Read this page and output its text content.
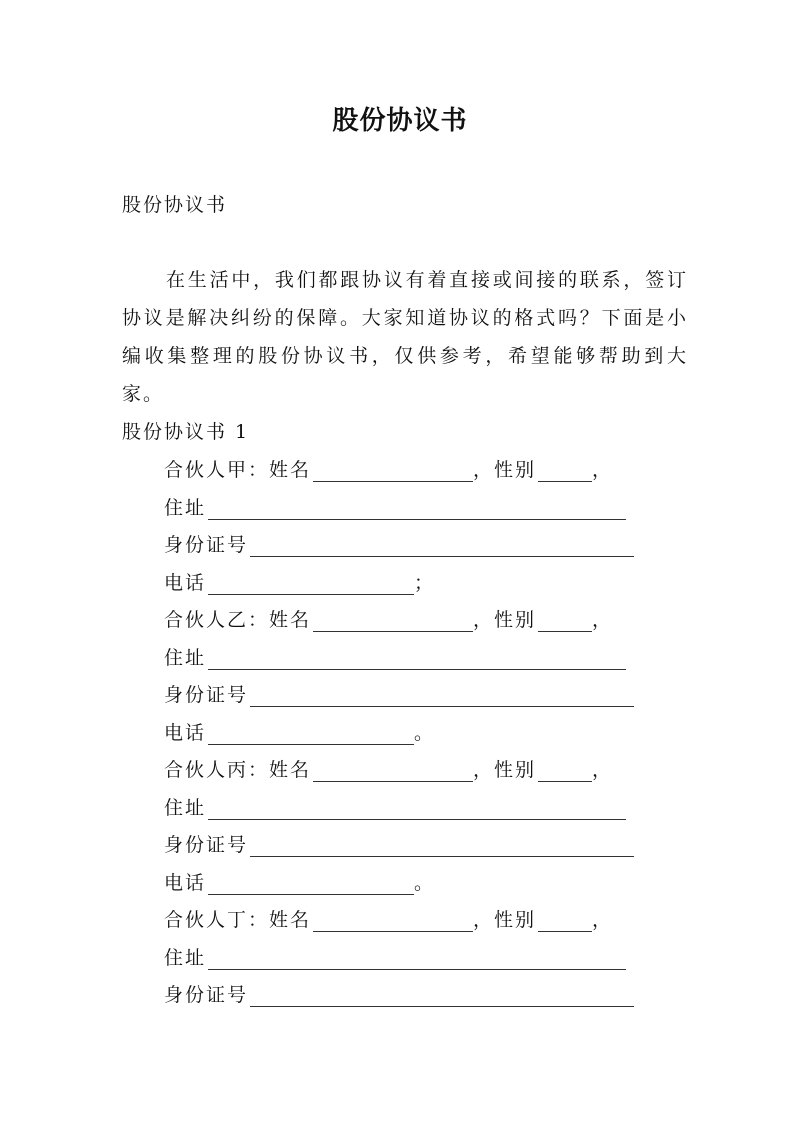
股份协议书
股份协议书
在生活中，我们都跟协议有着直接或间接的联系，签订协议是解决纠纷的保障。大家知道协议的格式吗？下面是小编收集整理的股份协议书，仅供参考，希望能够帮助到大家。
股份协议书 1
合伙人甲： 姓名	，性别	，
住址
身份证号
电话	；
合伙人乙： 姓名	，性别	，
住址
身份证号
电话	。
合伙人丙： 姓名	，性别	，
住址
身份证号
电话	。
合伙人丁： 姓名	，性别	，
住址
身份证号
